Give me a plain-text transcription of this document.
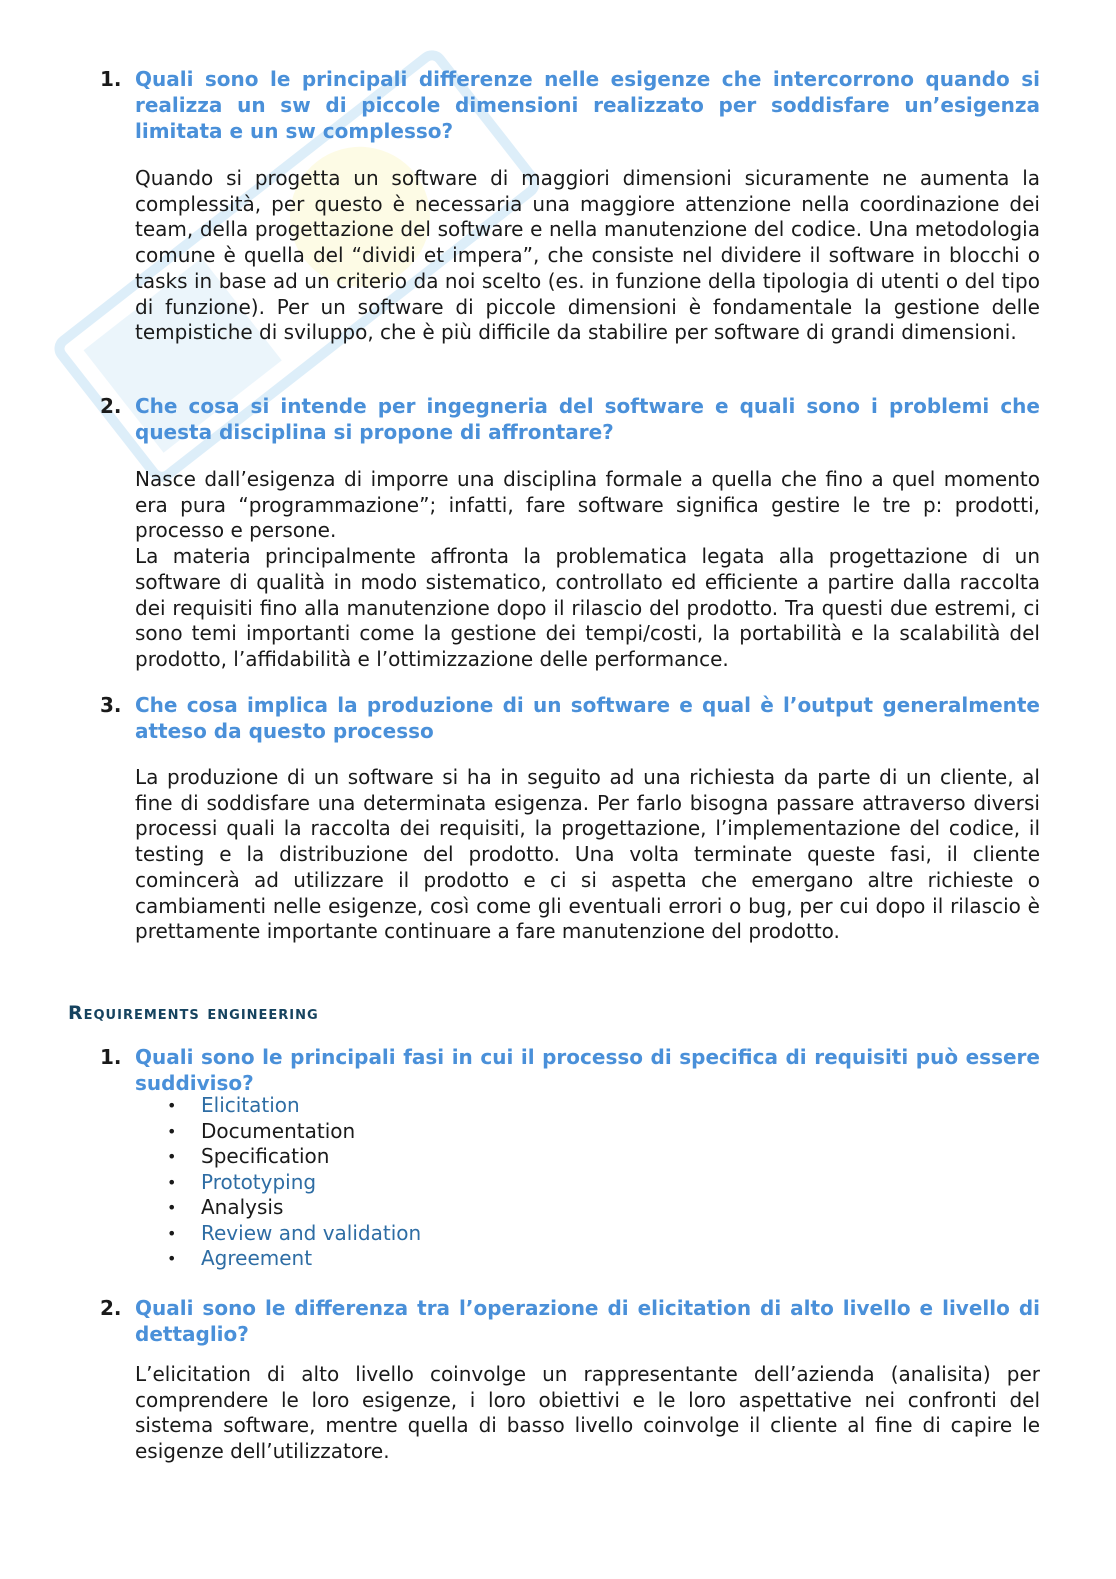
1. Quali sono le principali differenze nelle esigenze che intercorrono quando si realizza un sw di piccole dimensioni realizzato per soddisfare un’esigenza limitata e un sw complesso?
Quando si progetta un software di maggiori dimensioni sicuramente ne aumenta la complessità, per questo è necessaria una maggiore attenzione nella coordinazione dei team, della progettazione del software e nella manutenzione del codice. Una metodologia comune è quella del “dividi et impera”, che consiste nel dividere il software in blocchi o tasks in base ad un criterio da noi scelto (es. in funzione della tipologia di utenti o del tipo di funzione). Per un software di piccole dimensioni è fondamentale la gestione delle tempistiche di sviluppo, che è più difficile da stabilire per software di grandi dimensioni.
2. Che cosa si intende per ingegneria del software e quali sono i problemi che questa disciplina si propone di affrontare?

Nasce dall’esigenza di imporre una disciplina formale a quella che fino a quel momento era pura “programmazione”; infatti, fare software significa gestire le tre p: prodotti, processo e persone.

La materia principalmente affronta la problematica legata alla progettazione di un software di qualità in modo sistematico, controllato ed efficiente a partire dalla raccolta dei requisiti fino alla manutenzione dopo il rilascio del prodotto. Tra questi due estremi, ci sono temi importanti come la gestione dei tempi/costi, la portabilità e la scalabilità del prodotto, l’affidabilità e l’ottimizzazione delle performance.

3. Che cosa implica la produzione di un software e qual è l’output generalmente atteso da questo processo
La produzione di un software si ha in seguito ad una richiesta da parte di un cliente, al fine di soddisfare una determinata esigenza. Per farlo bisogna passare attraverso diversi processi quali la raccolta dei requisiti, la progettazione, l’implementazione del codice, il testing e la distribuzione del prodotto. Una volta terminate queste fasi, il cliente comincerà ad utilizzare il prodotto e ci si aspetta che emergano altre richieste o cambiamenti nelle esigenze, così come gli eventuali errori o bug, per cui dopo il rilascio è prettamente importante continuare a fare manutenzione del prodotto.
Requirements engineering
1. Quali sono le principali fasi in cui il processo di specifica di requisiti può essere suddiviso?
• Elicitation
• Documentation
• Specification
• Prototyping
• Analysis
• Review and validation
• Agreement
2. Quali sono le differenza tra l’operazione di elicitation di alto livello e livello di dettaglio?
L’elicitation di alto livello coinvolge un rappresentante dell’azienda (analisita) per comprendere le loro esigenze, i loro obiettivi e le loro aspettative nei confronti del sistema software, mentre quella di basso livello coinvolge il cliente al fine di capire le esigenze dell’utilizzatore.
